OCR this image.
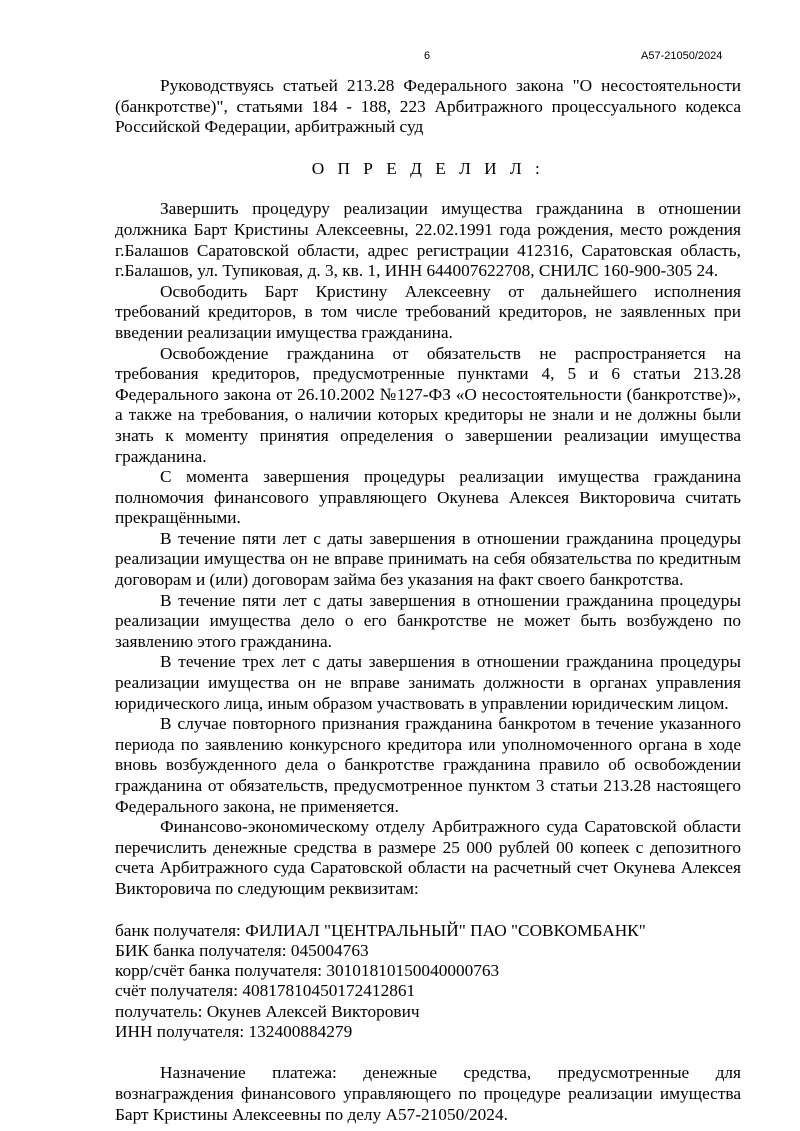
6	А57-21050/2024

Руководствуясь статьей 213.28 Федерального закона "О несостоятельности (банкротстве)", статьями 184 - 188, 223 Арбитражного процессуального кодекса Российской Федерации, арбитражный суд

О П Р Е Д Е Л И Л :

Завершить процедуру реализации имущества гражданина в отношении должника Барт Кристины Алексеевны, 22.02.1991 года рождения, место рождения г.Балашов Саратовской области, адрес регистрации 412316, Саратовская область, г.Балашов, ул. Тупиковая, д. 3, кв. 1, ИНН 644007622708, СНИЛС 160-900-305 24.

Освободить Барт Кристину Алексеевну от дальнейшего исполнения требований кредиторов, в том числе требований кредиторов, не заявленных при введении реализации имущества гражданина.

Освобождение гражданина от обязательств не распространяется на требования кредиторов, предусмотренные пунктами 4, 5 и 6 статьи 213.28 Федерального закона от 26.10.2002 №127-ФЗ «О несостоятельности (банкротстве)», а также на требования, о наличии которых кредиторы не знали и не должны были знать к моменту принятия определения о завершении реализации имущества гражданина.

С момента завершения процедуры реализации имущества гражданина полномочия финансового управляющего Окунева Алексея Викторовича считать прекращёнными.

В течение пяти лет с даты завершения в отношении гражданина процедуры реализации имущества он не вправе принимать на себя обязательства по кредитным договорам и (или) договорам займа без указания на факт своего банкротства.

В течение пяти лет с даты завершения в отношении гражданина процедуры реализации имущества дело о его банкротстве не может быть возбуждено по заявлению этого гражданина.

В течение трех лет с даты завершения в отношении гражданина процедуры реализации имущества он не вправе занимать должности в органах управления юридического лица, иным образом участвовать в управлении юридическим лицом.

В случае повторного признания гражданина банкротом в течение указанного периода по заявлению конкурсного кредитора или уполномоченного органа в ходе вновь возбужденного дела о банкротстве гражданина правило об освобождении гражданина от обязательств, предусмотренное пунктом 3 статьи 213.28 настоящего Федерального закона, не применяется.

Финансово-экономическому отделу Арбитражного суда Саратовской области перечислить денежные средства в размере 25 000 рублей 00 копеек с депозитного счета Арбитражного суда Саратовской области на расчетный счет Окунева Алексея Викторовича по следующим реквизитам:

банк получателя: ФИЛИАЛ "ЦЕНТРАЛЬНЫЙ" ПАО "СОВКОМБАНК"
БИК банка получателя: 045004763
корр/счёт банка получателя: 30101810150040000763
счёт получателя: 40817810450172412861
получатель: Окунев Алексей Викторович
ИНН получателя: 132400884279

Назначение платежа: денежные средства, предусмотренные для вознаграждения финансового управляющего по процедуре реализации имущества Барт Кристины Алексеевны по делу А57-21050/2024.
